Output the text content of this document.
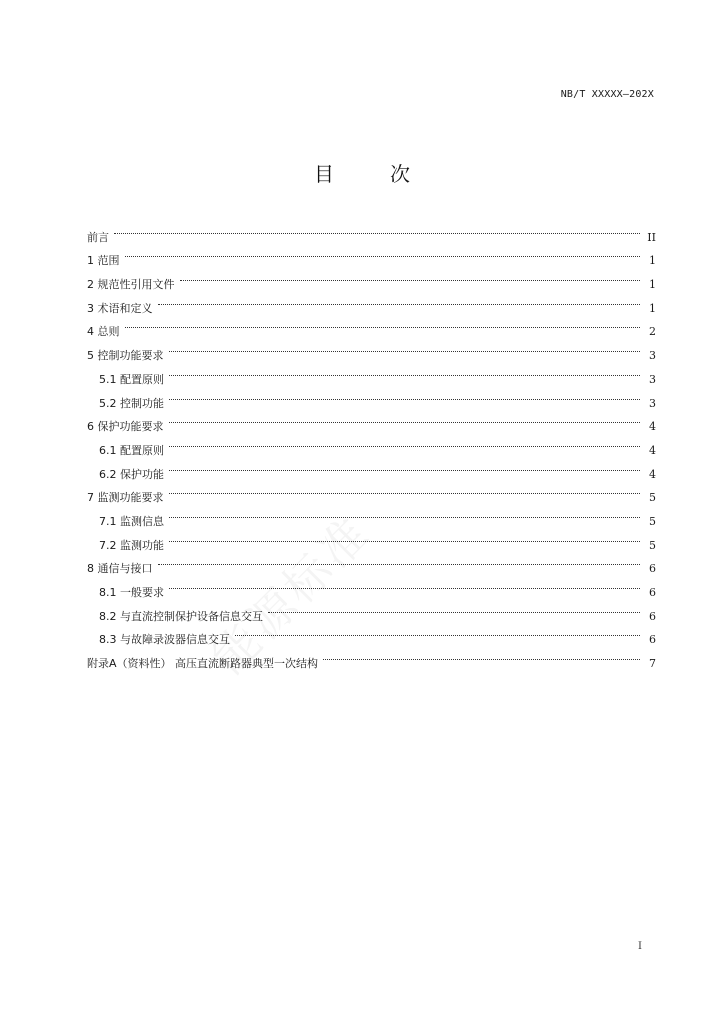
NB/T XXXXX—202X
目　次
前言	II
1 范围	1
2 规范性引用文件	1
3 术语和定义	1
4 总则	2
5 控制功能要求	3
5.1 配置原则	3
5.2 控制功能	3
6 保护功能要求	4
6.1 配置原则	4
6.2 保护功能	4
7 监测功能要求	5
7.1 监测信息	5
7.2 监测功能	5
8 通信与接口	6
8.1 一般要求	6
8.2 与直流控制保护设备信息交互	6
8.3 与故障录波器信息交互	6
附录A（资料性） 高压直流断路器典型一次结构	7
I
